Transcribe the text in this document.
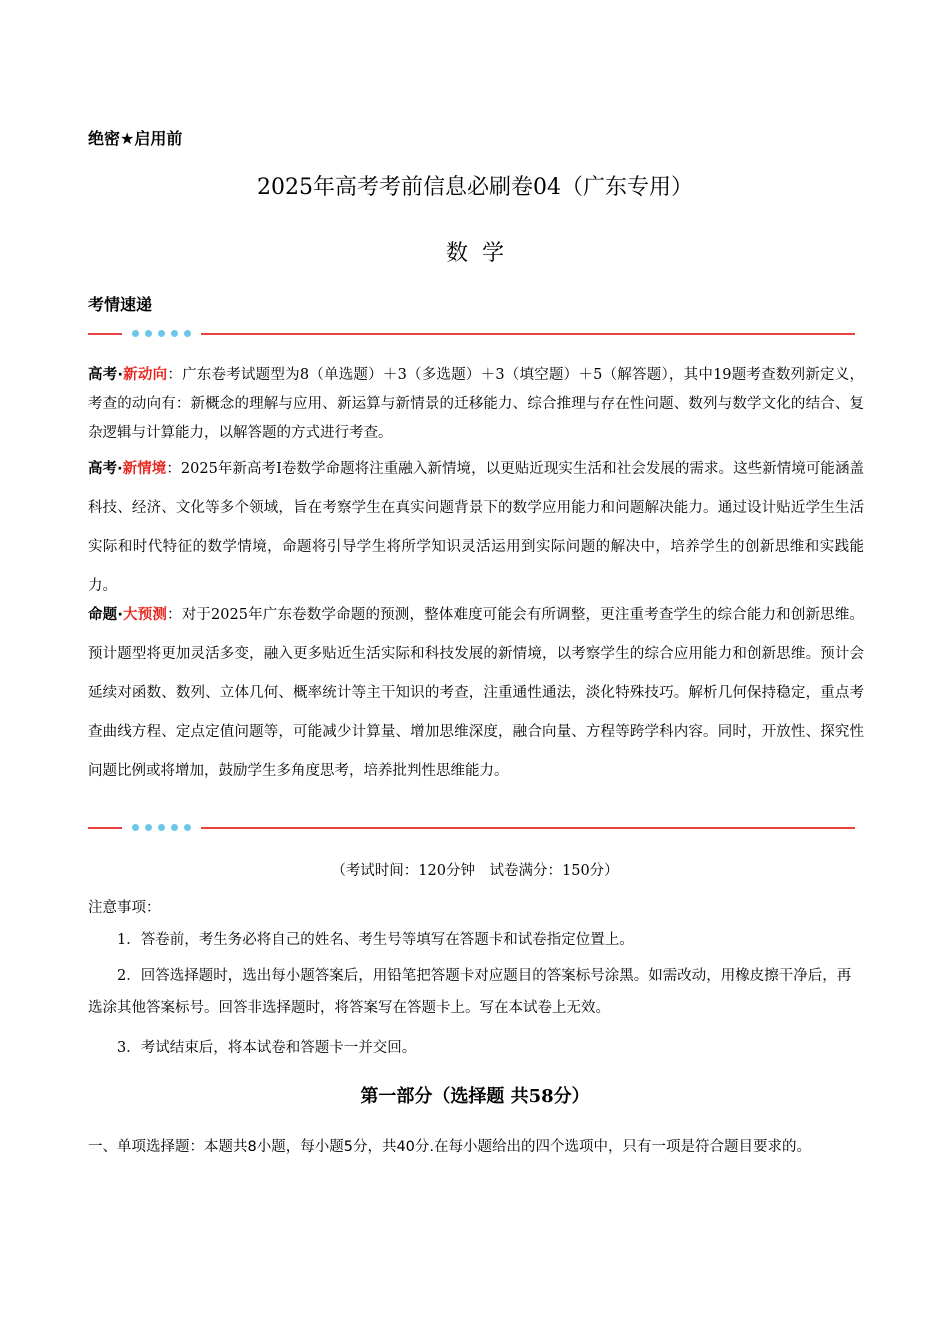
绝密★启用前
2025年高考考前信息必刷卷04（广东专用）
数学
考情速递
高考·新动向：广东卷考试题型为8（单选题）＋3（多选题）＋3（填空题）＋5（解答题），其中19题考查数列新定义，考查的动向有：新概念的理解与应用、新运算与新情景的迁移能力、综合推理与存在性问题、数列与数学文化的结合、复杂逻辑与计算能力，以解答题的方式进行考查。
高考·新情境：2025年新高考I卷数学命题将注重融入新情境，以更贴近现实生活和社会发展的需求。这些新情境可能涵盖科技、经济、文化等多个领域，旨在考察学生在真实问题背景下的数学应用能力和问题解决能力。通过设计贴近学生生活实际和时代特征的数学情境，命题将引导学生将所学知识灵活运用到实际问题的解决中，培养学生的创新思维和实践能力。
命题·大预测：对于2025年广东卷数学命题的预测，整体难度可能会有所调整，更注重考查学生的综合能力和创新思维。预计题型将更加灵活多变，融入更多贴近生活实际和科技发展的新情境，以考察学生的综合应用能力和创新思维。预计会延续对函数、数列、立体几何、概率统计等主干知识的考查，注重通性通法，淡化特殊技巧。解析几何保持稳定，重点考查曲线方程、定点定值问题等，可能减少计算量、增加思维深度，融合向量、方程等跨学科内容。同时，开放性、探究性问题比例或将增加，鼓励学生多角度思考，培养批判性思维能力。
（考试时间：120分钟　试卷满分：150分）
注意事项：
1．答卷前，考生务必将自己的姓名、考生号等填写在答题卡和试卷指定位置上。
2．回答选择题时，选出每小题答案后，用铅笔把答题卡对应题目的答案标号涂黑。如需改动，用橡皮擦干净后，再选涂其他答案标号。回答非选择题时，将答案写在答题卡上。写在本试卷上无效。
3．考试结束后，将本试卷和答题卡一并交回。
第一部分（选择题 共58分）
一、单项选择题：本题共8小题，每小题5分，共40分.在每小题给出的四个选项中，只有一项是符合题目要求的。
